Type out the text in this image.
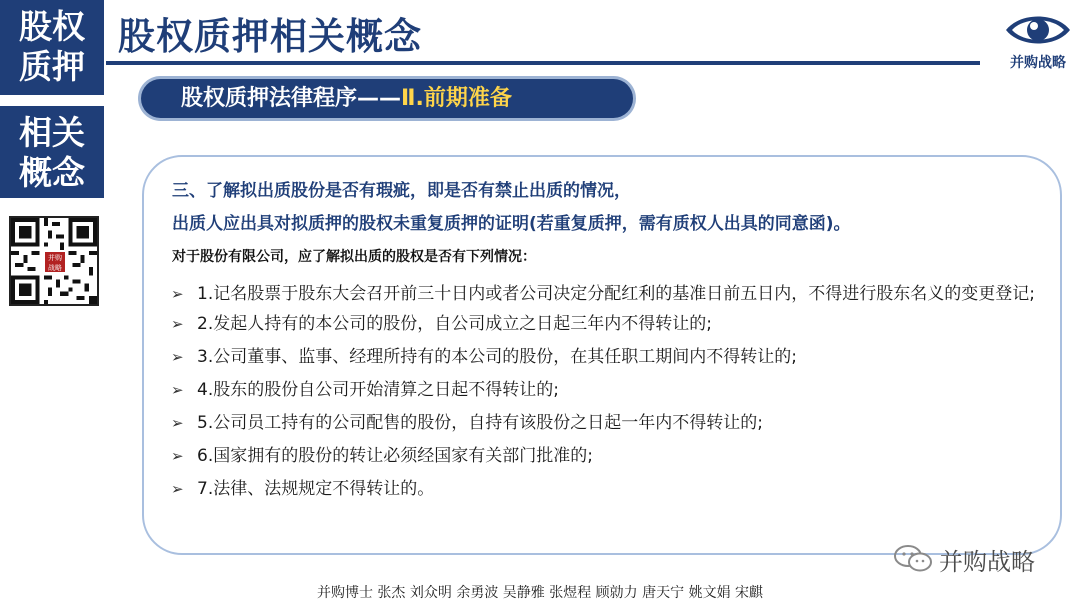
股权
质押
相关
概念
并购
战略
股权质押相关概念
并购战略
股权质押法律程序——Ⅱ.前期准备
三、了解拟出质股份是否有瑕疵，即是否有禁止出质的情况，
出质人应出具对拟质押的股权未重复质押的证明(若重复质押，需有质权人出具的同意函)。
对于股份有限公司，应了解拟出质的股权是否有下列情况：
➢ 1.记名股票于股东大会召开前三十日内或者公司决定分配红利的基准日前五日内，不得进行股东名义的变更登记;
➢ 2.发起人持有的本公司的股份，自公司成立之日起三年内不得转让的;
➢ 3.公司董事、监事、经理所持有的本公司的股份，在其任职工期间内不得转让的;
➢ 4.股东的股份自公司开始清算之日起不得转让的;
➢ 5.公司员工持有的公司配售的股份，自持有该股份之日起一年内不得转让的;
➢ 6.国家拥有的股份的转让必须经国家有关部门批准的;
➢ 7.法律、法规规定不得转让的。
并购战略
并购博士 张杰 刘众明 余勇波 吴静雅 张煜程 顾勍力 唐天宁 姚文娟 宋麒
